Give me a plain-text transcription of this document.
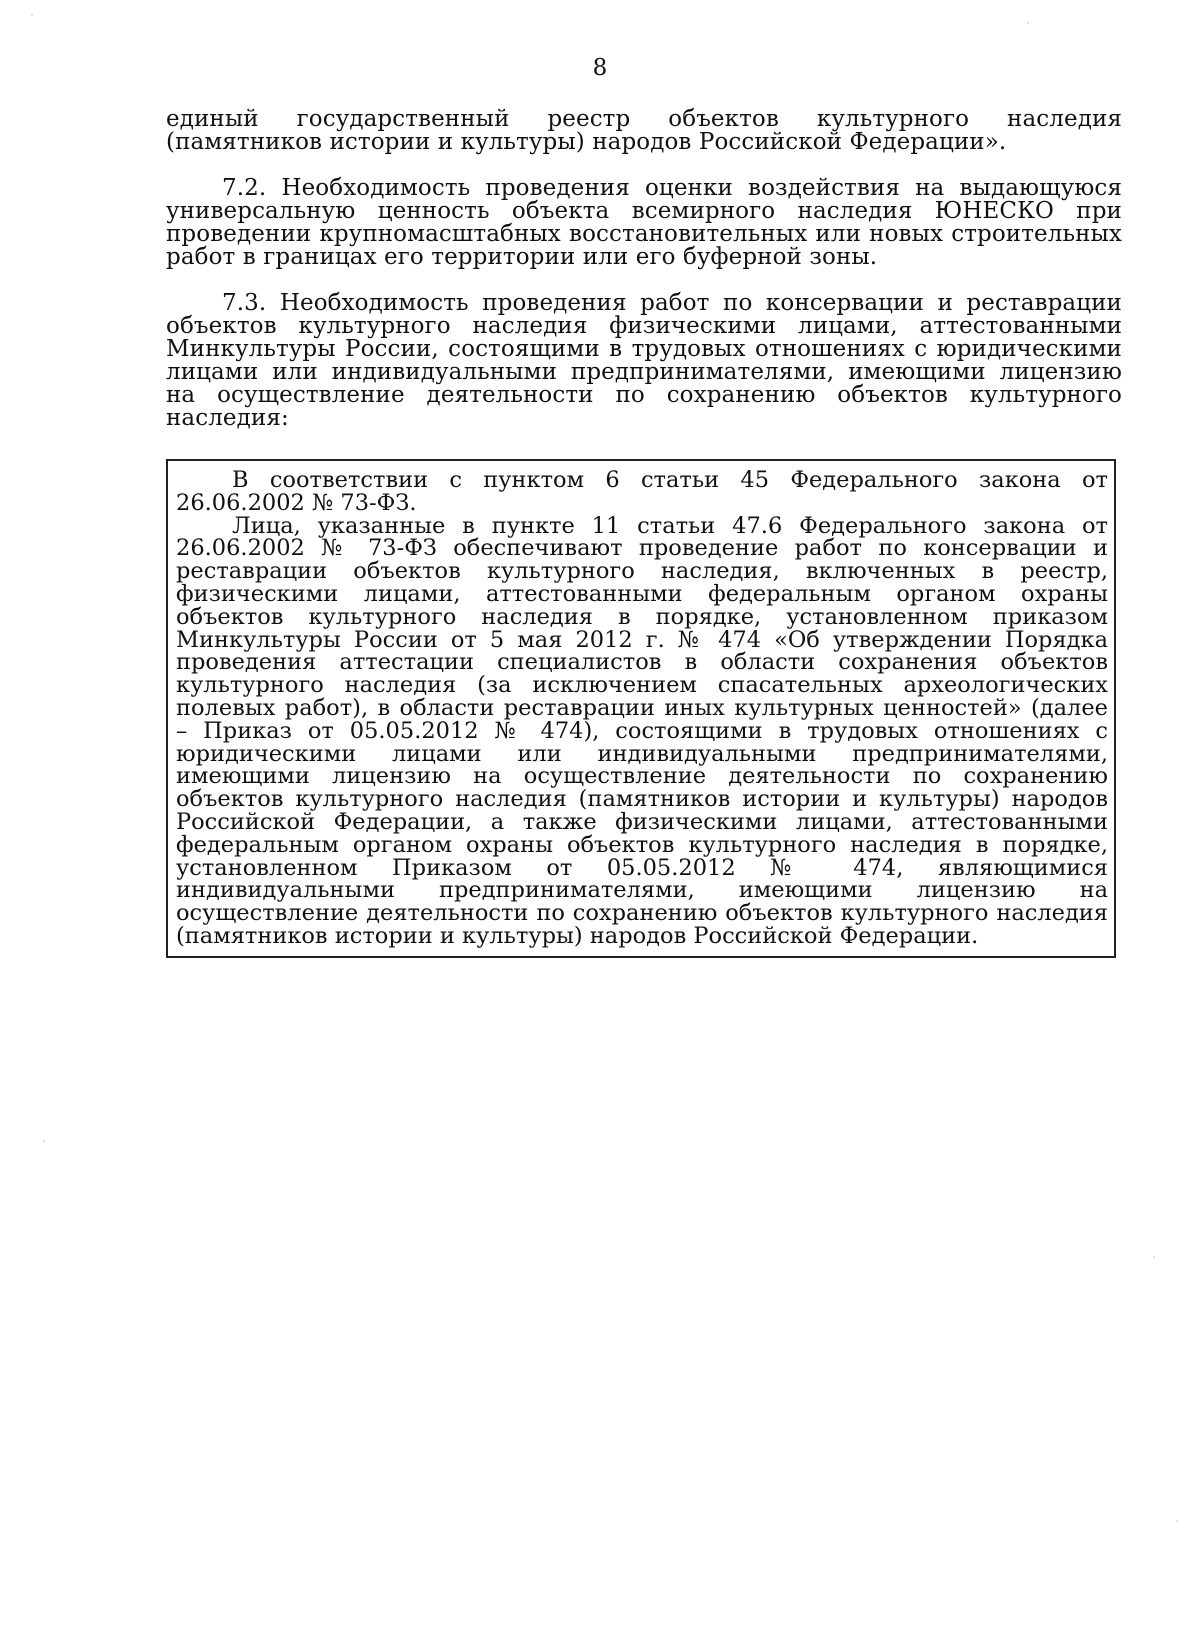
8

единый государственный реестр объектов культурного наследия (памятников истории и культуры) народов Российской Федерации».

7.2. Необходимость проведения оценки воздействия на выдающуюся универсальную ценность объекта всемирного наследия ЮНЕСКО при проведении крупномасштабных восстановительных или новых строительных работ в границах его территории или его буферной зоны.

7.3. Необходимость проведения работ по консервации и реставрации объектов культурного наследия физическими лицами, аттестованными Минкультуры России, состоящими в трудовых отношениях с юридическими лицами или индивидуальными предпринимателями, имеющими лицензию на осуществление деятельности по сохранению объектов культурного наследия:

В соответствии с пунктом 6 статьи 45 Федерального закона от 26.06.2002 № 73-ФЗ.

Лица, указанные в пункте 11 статьи 47.6 Федерального закона от 26.06.2002 № 73-ФЗ обеспечивают проведение работ по консервации и реставрации объектов культурного наследия, включенных в реестр, физическими лицами, аттестованными федеральным органом охраны объектов культурного наследия в порядке, установленном приказом Минкультуры России от 5 мая 2012 г. № 474 «Об утверждении Порядка проведения аттестации специалистов в области сохранения объектов культурного наследия (за исключением спасательных археологических полевых работ), в области реставрации иных культурных ценностей» (далее – Приказ от 05.05.2012 № 474), состоящими в трудовых отношениях с юридическими лицами или индивидуальными предпринимателями, имеющими лицензию на осуществление деятельности по сохранению объектов культурного наследия (памятников истории и культуры) народов Российской Федерации, а также физическими лицами, аттестованными федеральным органом охраны объектов культурного наследия в порядке, установленном Приказом от 05.05.2012 № 474, являющимися индивидуальными предпринимателями, имеющими лицензию на осуществление деятельности по сохранению объектов культурного наследия (памятников истории и культуры) народов Российской Федерации.
